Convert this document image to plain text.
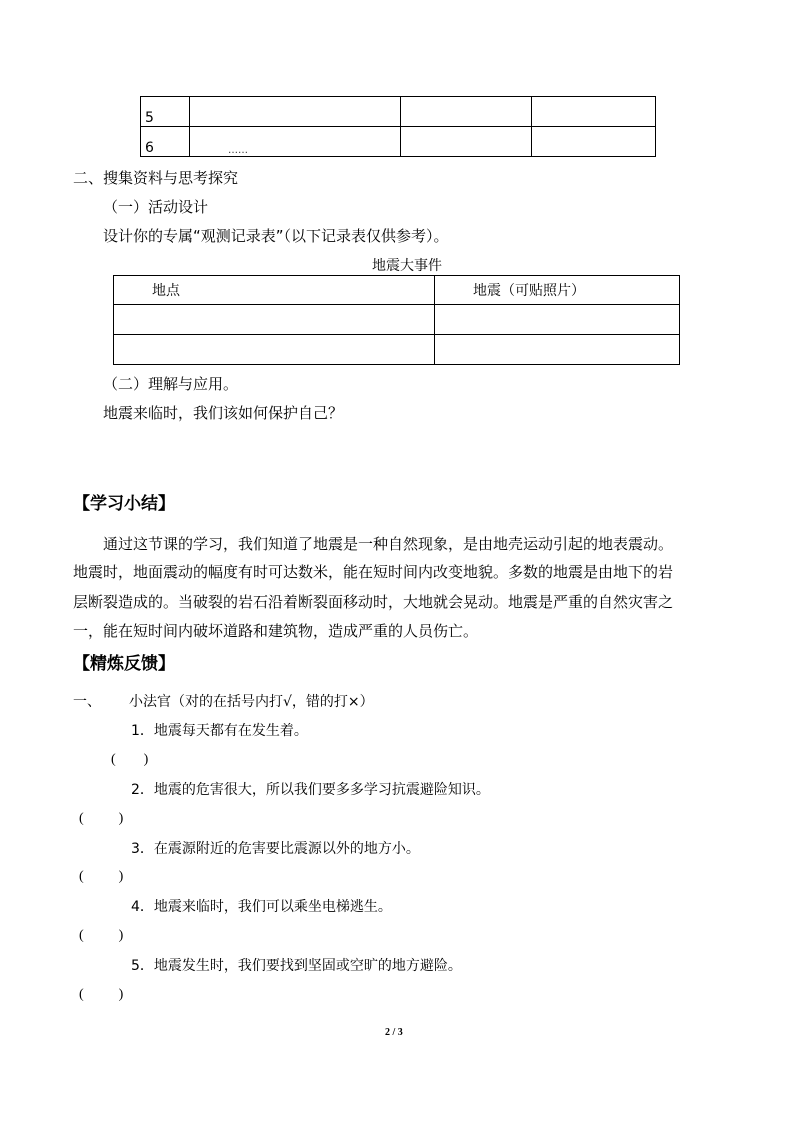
5			
6	……		
二、搜集资料与思考探究
（一）活动设计
设计你的专属“观测记录表”（以下记录表仅供参考）。
地震大事件
地点	地震（可贴照片）

（二）理解与应用。
地震来临时，我们该如何保护自己？
【学习小结】
通过这节课的学习，我们知道了地震是一种自然现象，是由地壳运动引起的地表震动。
地震时，地面震动的幅度有时可达数米，能在短时间内改变地貌。多数的地震是由地下的岩
层断裂造成的。当破裂的岩石沿着断裂面移动时，大地就会晃动。地震是严重的自然灾害之
一，能在短时间内破坏道路和建筑物，造成严重的人员伤亡。
【精炼反馈】
一、 小法官（对的在括号内打√，错的打×）
1．地震每天都有在发生着。
(        )
2．地震的危害很大，所以我们要多多学习抗震避险知识。
(          )
3．在震源附近的危害要比震源以外的地方小。
(          )
4．地震来临时，我们可以乘坐电梯逃生。
(          )
5．地震发生时，我们要找到坚固或空旷的地方避险。
(          )
2 / 3
